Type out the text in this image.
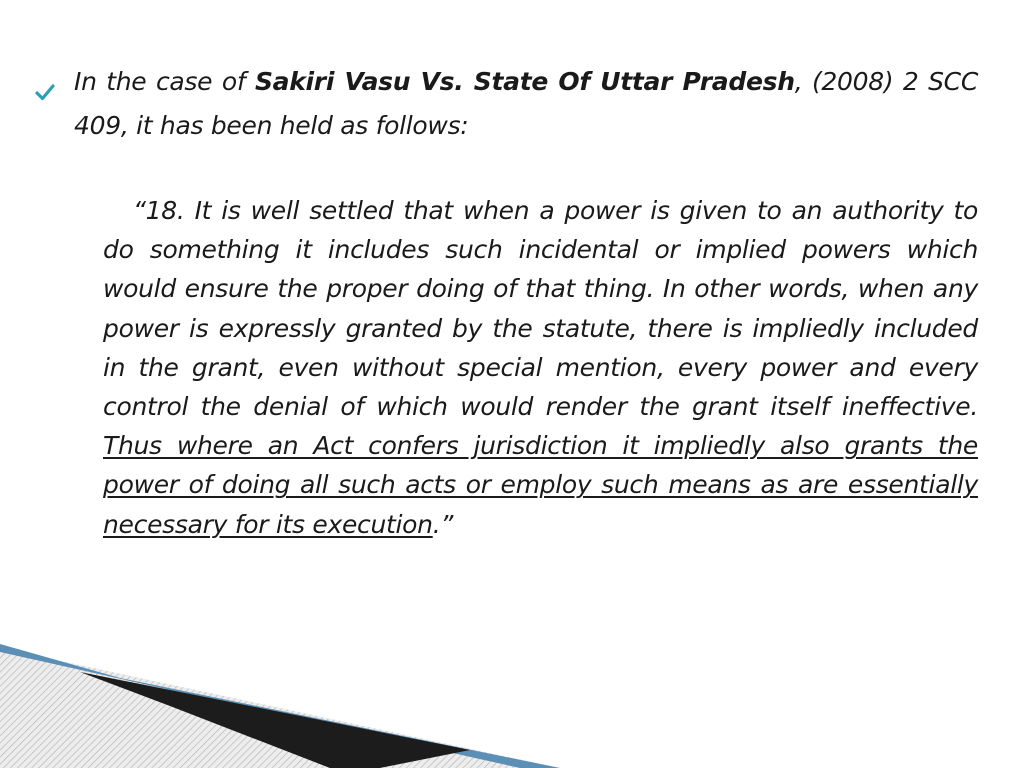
In the case of Sakiri Vasu Vs. State Of Uttar Pradesh, (2008) 2 SCC 409, it has been held as follows:

“18. It is well settled that when a power is given to an authority to do something it includes such incidental or implied powers which would ensure the proper doing of that thing. In other words, when any power is expressly granted by the statute, there is impliedly included in the grant, even without special mention, every power and every control the denial of which would render the grant itself ineffective. Thus where an Act confers jurisdiction it impliedly also grants the power of doing all such acts or employ such means as are essentially necessary for its execution.”
